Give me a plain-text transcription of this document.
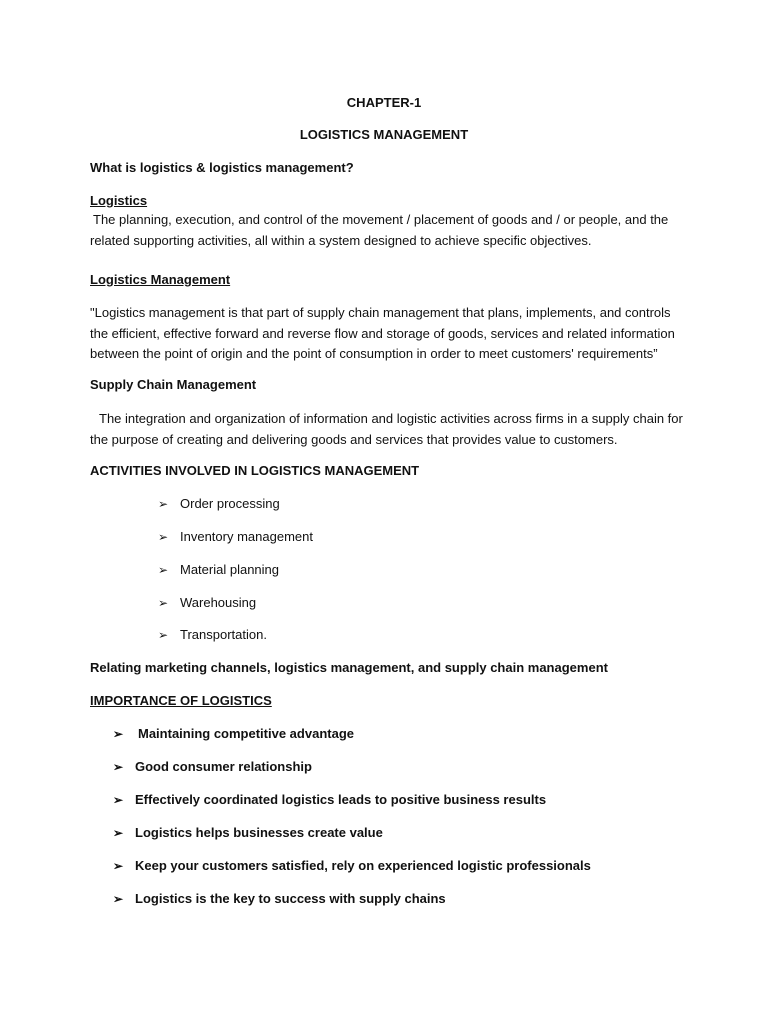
CHAPTER-1
LOGISTICS MANAGEMENT
What is logistics & logistics management?
Logistics
The planning, execution, and control of the movement / placement of goods and / or people, and the related supporting activities, all within a system designed to achieve specific objectives.
Logistics Management
"Logistics management is that part of supply chain management that plans, implements, and controls the efficient, effective forward and reverse flow and storage of goods, services and related information between the point of origin and the point of consumption in order to meet customers' requirements”
Supply Chain Management
The integration and organization of information and logistic activities across firms in a supply chain for the purpose of creating and delivering goods and services that provides value to customers.
ACTIVITIES INVOLVED IN LOGISTICS MANAGEMENT
➢ Order processing
➢ Inventory management
➢ Material planning
➢ Warehousing
➢ Transportation.
Relating marketing channels, logistics management, and supply chain management
IMPORTANCE OF LOGISTICS
➢ Maintaining competitive advantage
➢ Good consumer relationship
➢ Effectively coordinated logistics leads to positive business results
➢ Logistics helps businesses create value
➢ Keep your customers satisfied, rely on experienced logistic professionals
➢ Logistics is the key to success with supply chains
